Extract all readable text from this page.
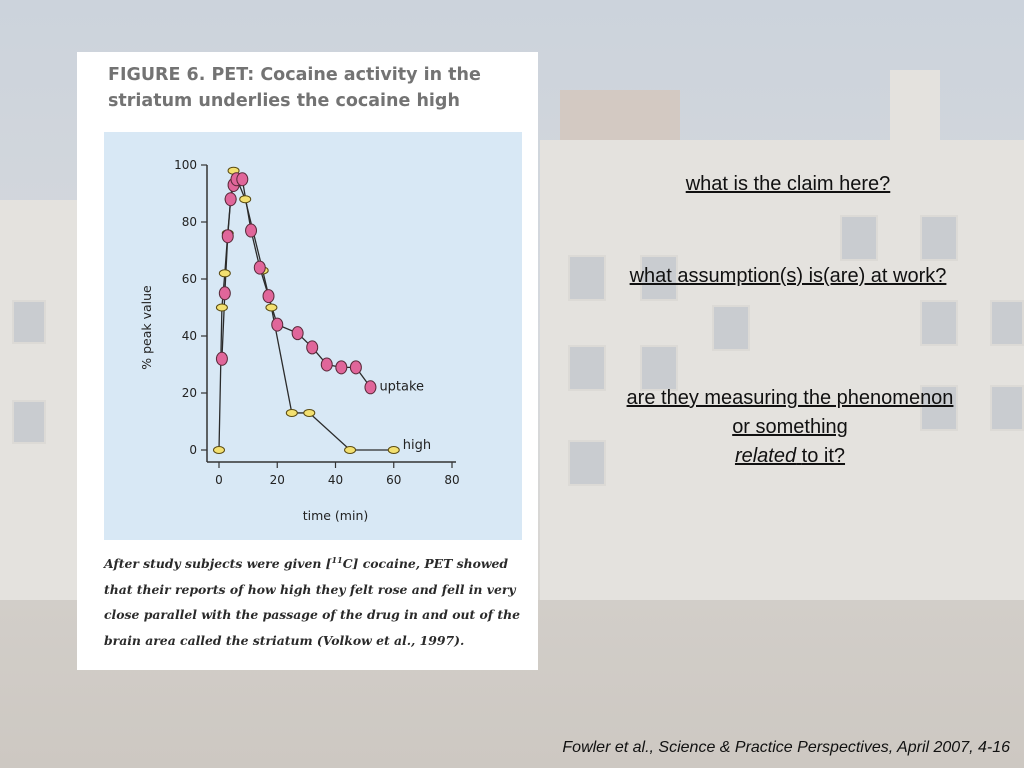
FIGURE 6. PET: Cocaine activity in the striatum underlies the cocaine high
0
20
40
60
80
100
0	20	40	60	80
time (min)
% peak value
high
uptake
After study subjects were given [$^{11}$C] cocaine, PET showed that their reports of how high they felt rose and fell in very close parallel with the passage of the drug in and out of the brain area called the striatum (Volkow et al., 1997).
what is the claim here?
what assumption(s) is(are) at work?
are they measuring the phenomenon or something
related to it?
Fowler et al., Science & Practice Perspectives, April 2007, 4-16
